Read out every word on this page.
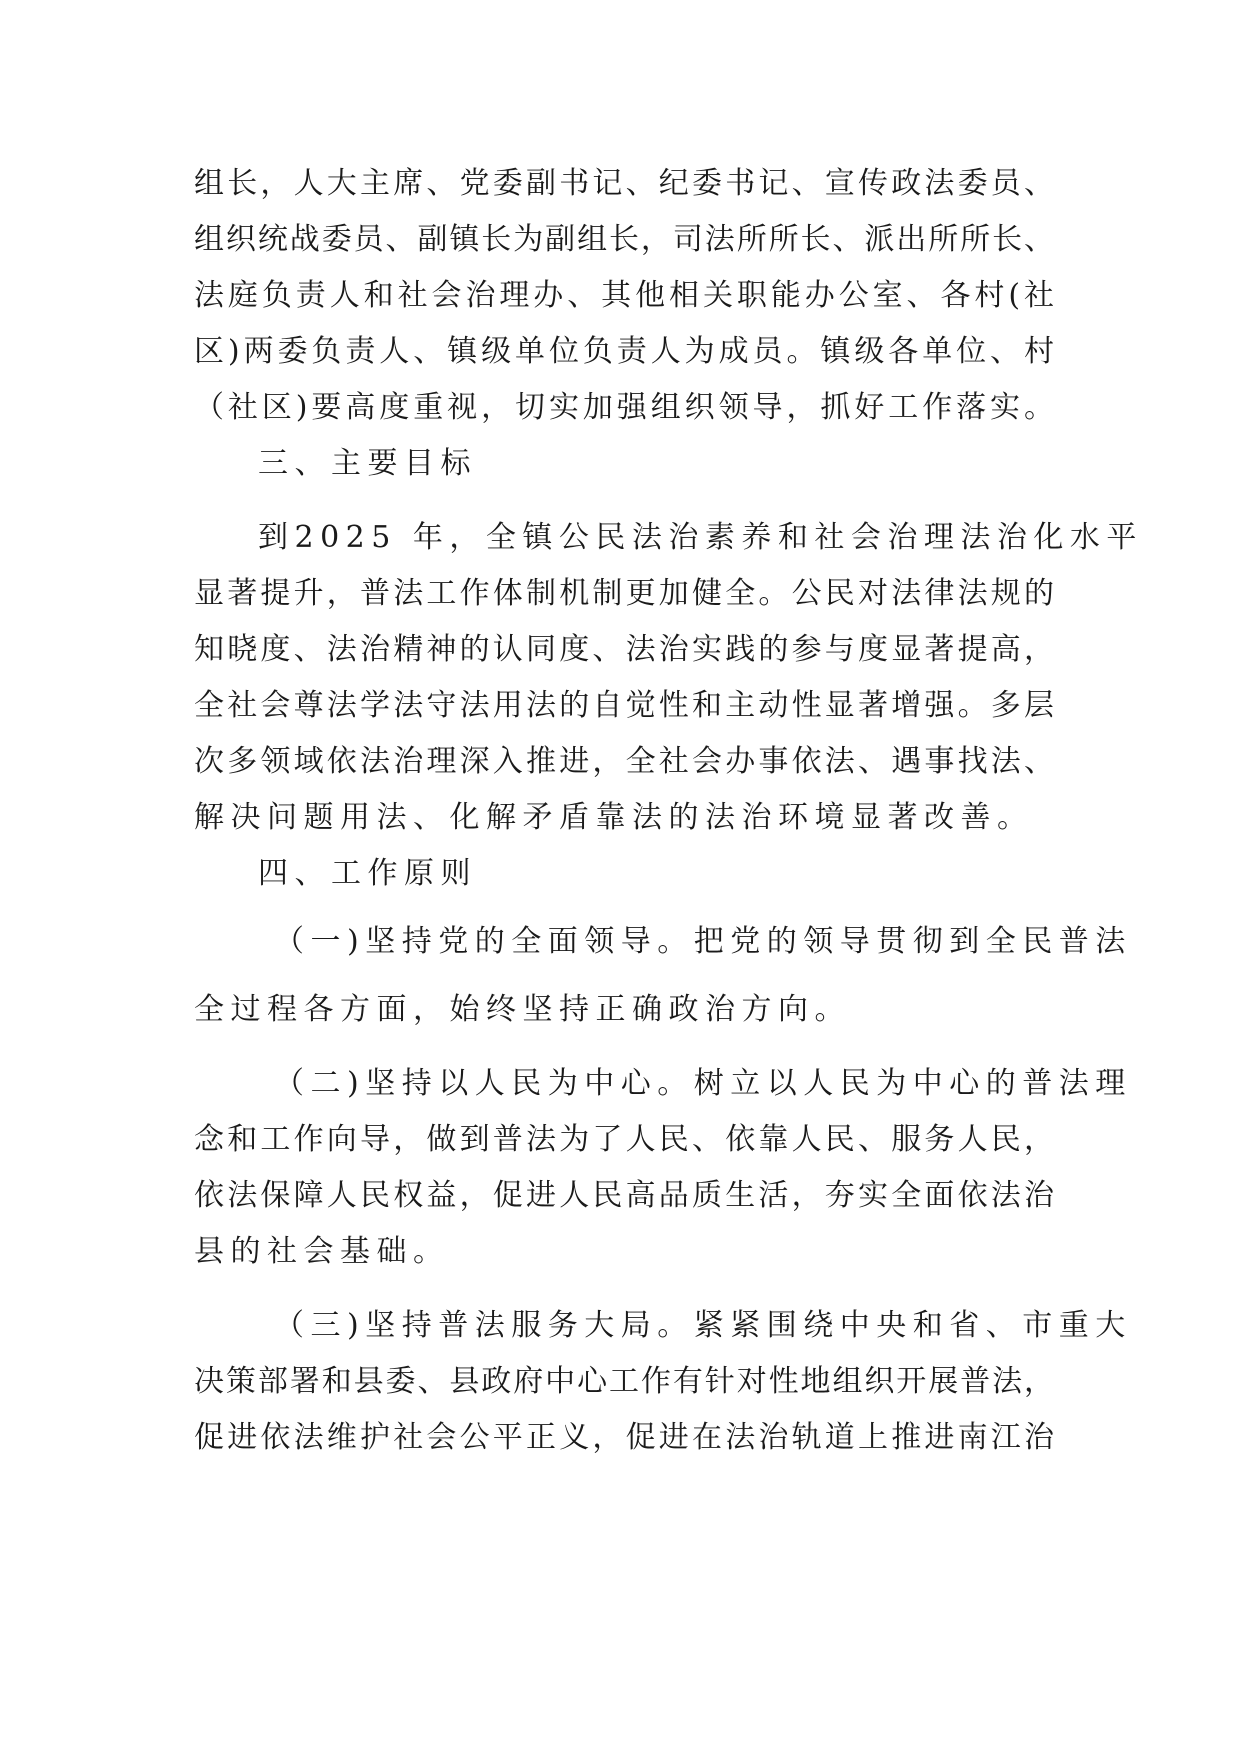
组长，人大主席、党委副书记、纪委书记、宣传政法委员、
组织统战委员、副镇长为副组长，司法所所长、派出所所长、
法庭负责人和社会治理办、其他相关职能办公室、各村(社
区)两委负责人、镇级单位负责人为成员。镇级各单位、村
（社区)要高度重视，切实加强组织领导，抓好工作落实。
三、主要目标
到2025 年，全镇公民法治素养和社会治理法治化水平
显著提升，普法工作体制机制更加健全。公民对法律法规的
知晓度、法治精神的认同度、法治实践的参与度显著提高，
全社会尊法学法守法用法的自觉性和主动性显著增强。多层
次多领域依法治理深入推进，全社会办事依法、遇事找法、
解决问题用法、化解矛盾靠法的法治环境显著改善。
四、工作原则
（一)坚持党的全面领导。把党的领导贯彻到全民普法
全过程各方面，始终坚持正确政治方向。
（二)坚持以人民为中心。树立以人民为中心的普法理
念和工作向导，做到普法为了人民、依靠人民、服务人民，
依法保障人民权益，促进人民高品质生活，夯实全面依法治
县的社会基础。
（三)坚持普法服务大局。紧紧围绕中央和省、市重大
决策部署和县委、县政府中心工作有针对性地组织开展普法，
促进依法维护社会公平正义，促进在法治轨道上推进南江治
